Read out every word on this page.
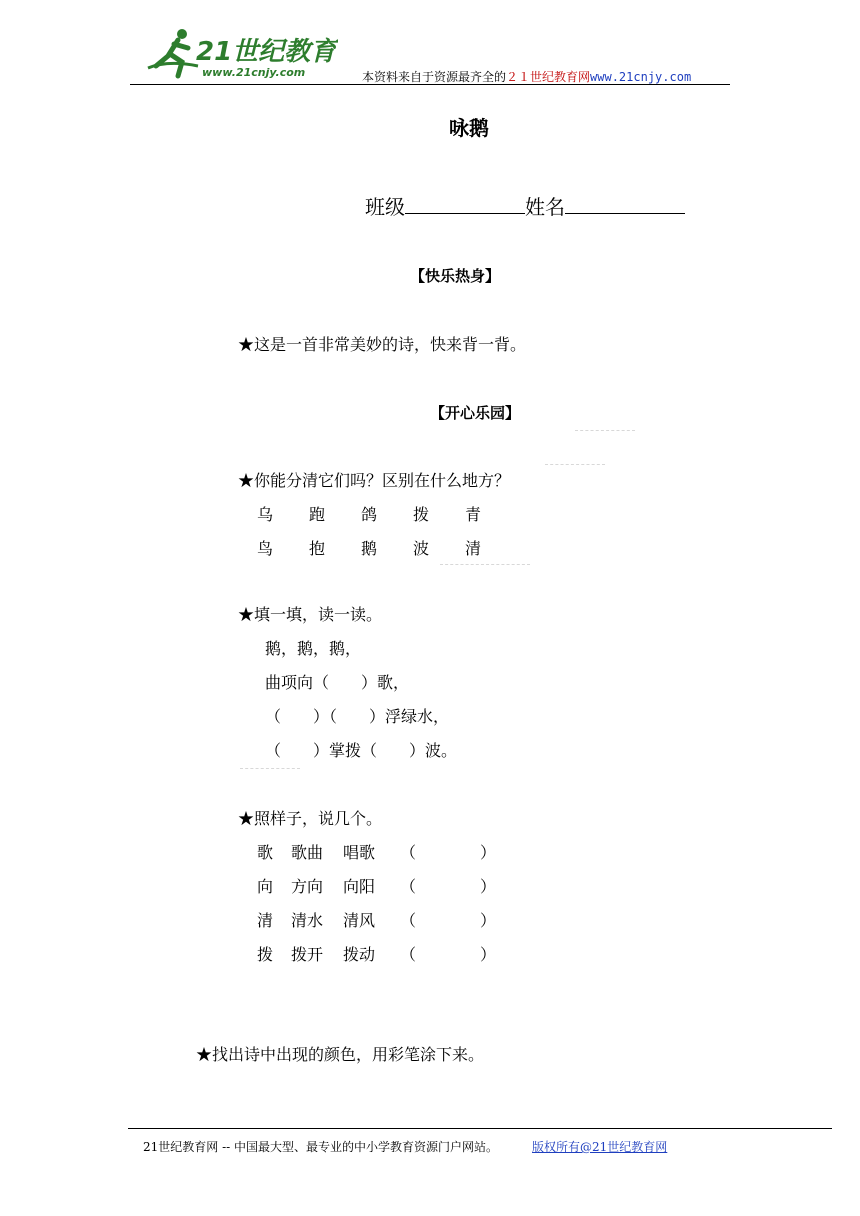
21世纪教育
www.21cnjy.com	本资料来自于资源最齐全的２１世纪教育网www.21cnjy.com
咏鹅
班级	姓名
【快乐热身】
★这是一首非常美妙的诗，快来背一背。
【开心乐园】
★你能分清它们吗？区别在什么地方？
乌 跑 鸽 拨 青
鸟 抱 鹅 波 清
★填一填，读一读。
鹅，鹅，鹅，
曲项向（　　）歌，
（　　）（　　）浮绿水，
（　　）掌拨（　　）波。
★照样子，说几个。
歌 歌曲 唱歌 （	）
向 方向 向阳 （	）
清 清水 清风 （	）
拨 拨开 拨动 （	）
★找出诗中出现的颜色，用彩笔涂下来。
21世纪教育网 -- 中国最大型、最专业的中小学教育资源门户网站。	版权所有@21世纪教育网
